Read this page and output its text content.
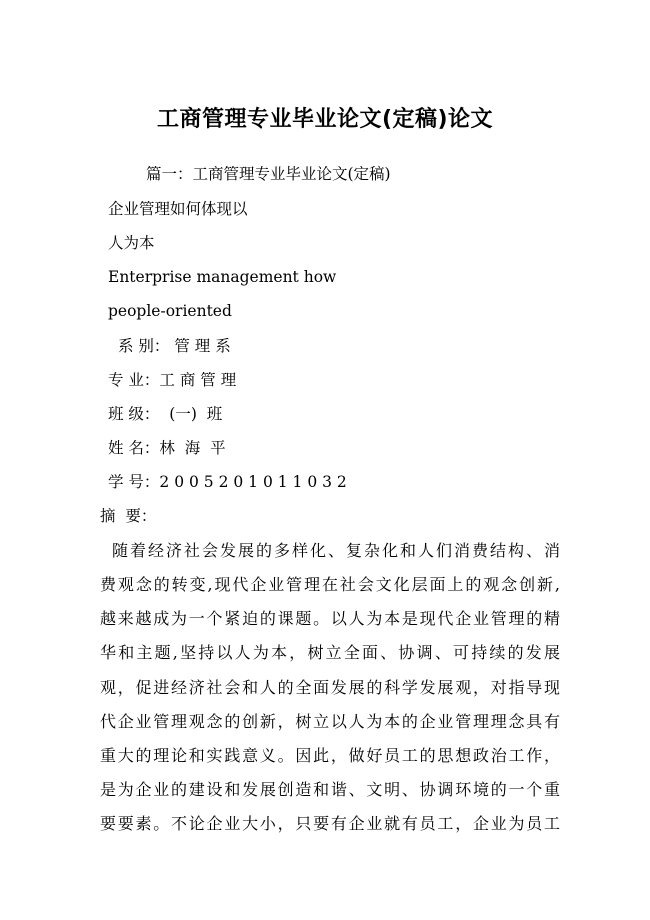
工商管理专业毕业论文(定稿)论文
篇一：工商管理专业毕业论文(定稿)
企业管理如何体现以
人为本
Enterprise management how
people-oriented
系 别： 管 理 系
专 业：工 商 管 理
班 级：  (一)  班
姓 名：林  海  平
学 号：2 0 0 5 2 0 1 0 1 1 0 3 2
摘  要：
随着经济社会发展的多样化、复杂化和人们消费结构、消
费观念的转变,现代企业管理在社会文化层面上的观念创新,
越来越成为一个紧迫的课题。以人为本是现代企业管理的精
华和主题,坚持以人为本，树立全面、协调、可持续的发展
观，促进经济社会和人的全面发展的科学发展观，对指导现
代企业管理观念的创新，树立以人为本的企业管理理念具有
重大的理论和实践意义。因此，做好员工的思想政治工作，
是为企业的建设和发展创造和谐、文明、协调环境的一个重
要要素。不论企业大小，只要有企业就有员工，企业为员工
